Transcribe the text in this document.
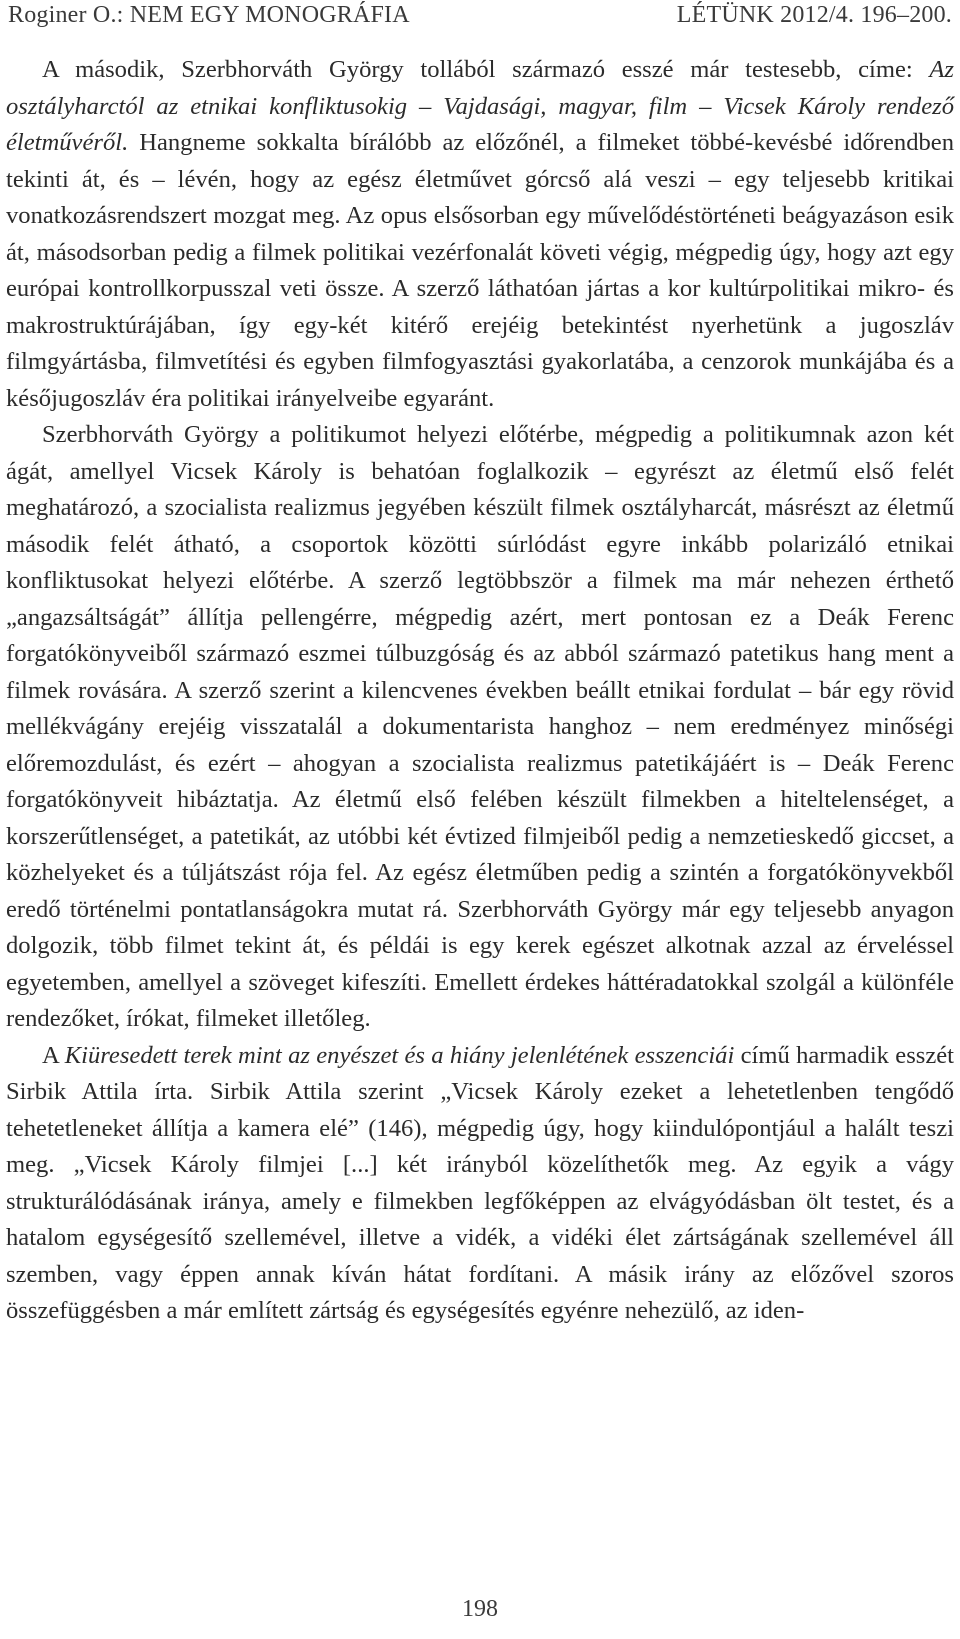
Roginer O.: NEM EGY MONOGRÁFIA	LÉTÜNK 2012/4. 196–200.

A második, Szerbhorváth György tollából származó esszé már testesebb, címe: Az osztályharctól az etnikai konfliktusokig – Vajdasági, magyar, film – Vicsek Károly rendező életművéről. Hangneme sokkalta bírálóbb az előzőnél, a filmeket többé-kevésbé időrendben tekinti át, és – lévén, hogy az egész életművet górcső alá veszi – egy teljesebb kritikai vonatkozásrendszert mozgat meg. Az opus elsősorban egy művelődéstörténeti beágyazáson esik át, másodsorban pedig a filmek politikai vezérfonalát követi végig, mégpedig úgy, hogy azt egy európai kontrollkorpusszal veti össze. A szerző láthatóan jártas a kor kultúrpolitikai mikro- és makrostruktúrájában, így egy-két kitérő erejéig betekintést nyerhetünk a jugoszláv filmgyártásba, filmvetítési és egyben filmfogyasztási gyakorlatába, a cenzorok munkájába és a későjugoszláv éra politikai irányelveibe egyaránt.

Szerbhorváth György a politikumot helyezi előtérbe, mégpedig a politikumnak azon két ágát, amellyel Vicsek Károly is behatóan foglalkozik – egyrészt az életmű első felét meghatározó, a szocialista realizmus jegyében készült filmek osztályharcát, másrészt az életmű második felét átható, a csoportok közötti súrlódást egyre inkább polarizáló etnikai konfliktusokat helyezi előtérbe. A szerző legtöbbször a filmek ma már nehezen érthető „angazsáltságát” állítja pellengérre, mégpedig azért, mert pontosan ez a Deák Ferenc forgatókönyveiből származó eszmei túlbuzgóság és az abból származó patetikus hang ment a filmek rovására. A szerző szerint a kilencvenes években beállt etnikai fordulat – bár egy rövid mellékvágány erejéig visszatalál a dokumentarista hanghoz – nem eredményez minőségi előremozdulást, és ezért – ahogyan a szocialista realizmus patetikájáért is – Deák Ferenc forgatókönyveit hibáztatja. Az életmű első felében készült filmekben a hiteltelenséget, a korszerűtlenséget, a patetikát, az utóbbi két évtized filmjeiből pedig a nemzetieskedő giccset, a közhelyeket és a túljátszást rója fel. Az egész életműben pedig a szintén a forgatókönyvekből eredő történelmi pontatlanságokra mutat rá. Szerbhorváth György már egy teljesebb anyagon dolgozik, több filmet tekint át, és példái is egy kerek egészet alkotnak azzal az érveléssel egyetemben, amellyel a szöveget kifeszíti. Emellett érdekes háttéradatokkal szolgál a különféle rendezőket, írókat, filmeket illetőleg.

A Kiüresedett terek mint az enyészet és a hiány jelenlétének esszenciái című harmadik esszét Sirbik Attila írta. Sirbik Attila szerint „Vicsek Károly ezeket a lehetetlenben tengődő tehetetleneket állítja a kamera elé” (146), mégpedig úgy, hogy kiindulópontjául a halált teszi meg. „Vicsek Károly filmjei [...] két irányból közelíthetők meg. Az egyik a vágy strukturálódásának iránya, amely e filmekben legfőképpen az elvágyódásban ölt testet, és a hatalom egységesítő szellemével, illetve a vidék, a vidéki élet zártságának szellemével áll szemben, vagy éppen annak kíván hátat fordítani. A másik irány az előzővel szoros összefüggésben a már említett zártság és egységesítés egyénre nehezülő, az iden-

198
